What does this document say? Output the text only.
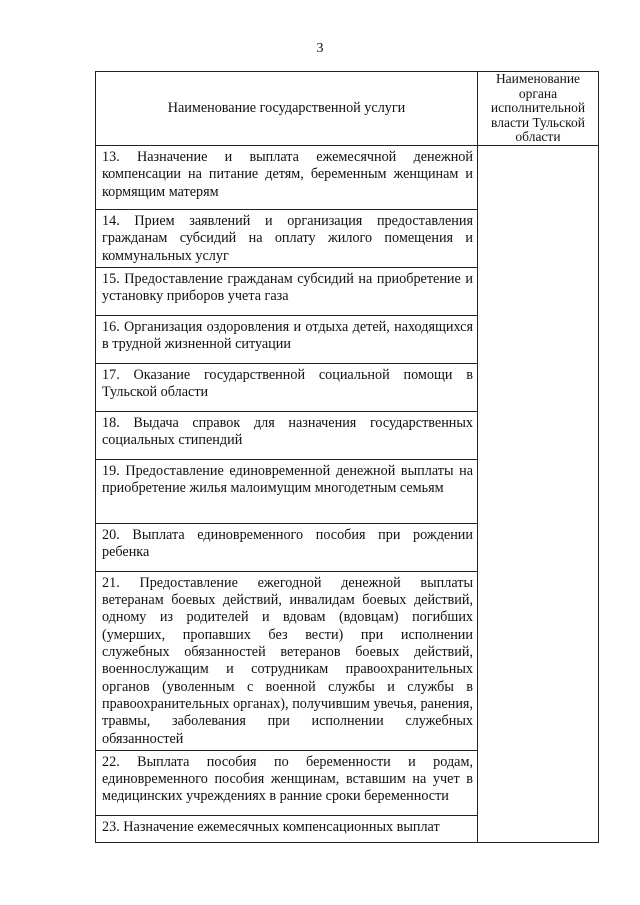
3
Наименование государственной услуги	Наименование органа исполнительной власти Тульской области

13. Назначение и выплата ежемесячной денежной компенсации на питание детям, беременным женщинам и кормящим матерям	

14. Прием заявлений и организация предоставления гражданам субсидий на оплату жилого помещения и коммунальных услуг	

15. Предоставление гражданам субсидий на приобретение и установку приборов учета газа	

16. Организация оздоровления и отдыха детей, находящихся в трудной жизненной ситуации	

17. Оказание государственной социальной помощи в Тульской области	

18. Выдача справок для назначения государственных социальных стипендий	

19. Предоставление единовременной денежной выплаты на приобретение жилья малоимущим многодетным семьям	

20. Выплата единовременного пособия при рождении ребенка	

21. Предоставление ежегодной денежной выплаты ветеранам боевых действий, инвалидам боевых действий, одному из родителей и вдовам (вдовцам) погибших (умерших, пропавших без вести) при исполнении служебных обязанностей ветеранов боевых действий, военнослужащим и сотрудникам правоохранительных органов (уволенным с военной службы и службы в правоохранительных органах), получившим увечья, ранения, травмы, заболевания при исполнении служебных обязанностей	

22. Выплата пособия по беременности и родам, единовременного пособия женщинам, вставшим на учет в медицинских учреждениях в ранние сроки беременности	

23. Назначение ежемесячных компенсационных выплат	
